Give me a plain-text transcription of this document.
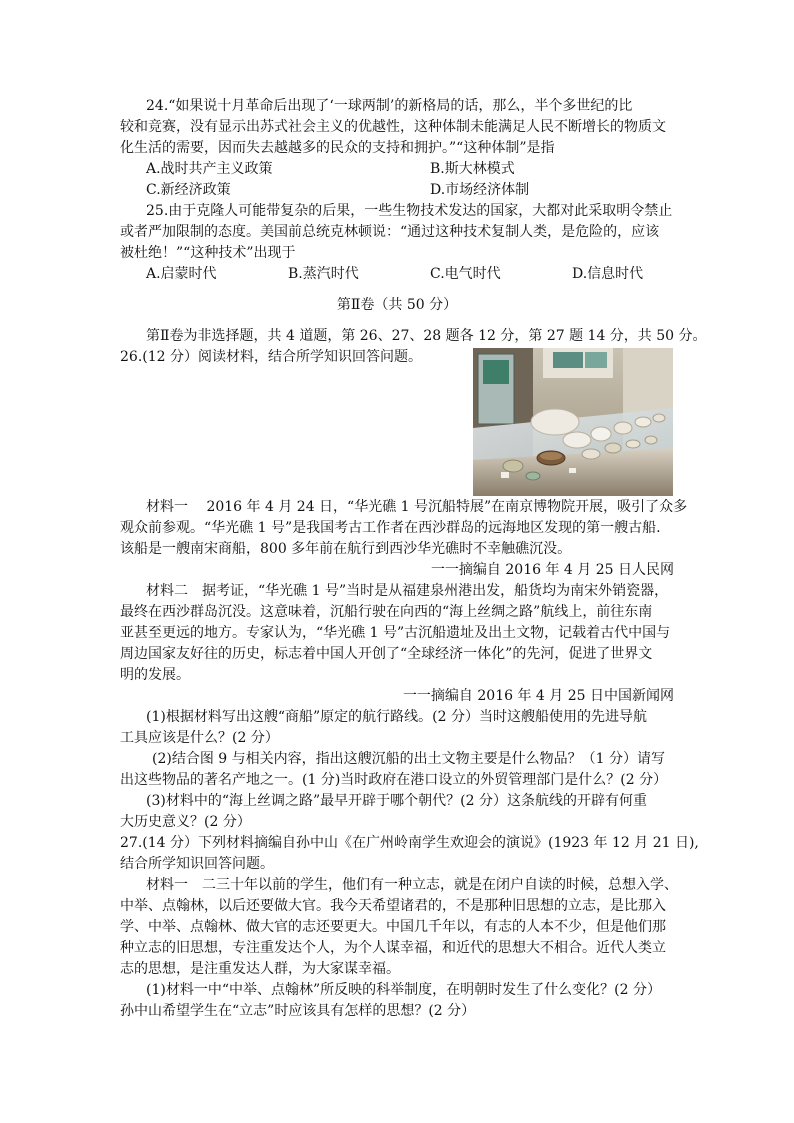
24.“如果说十月革命后出现了‘一球两制’的新格局的话，那么，半个多世纪的比
较和竞赛，没有显示出苏式社会主义的优越性，这种体制未能满足人民不断增长的物质文
化生活的需要，因而失去越越多的民众的支持和拥护。”“这种体制”是指
A.战时共产主义政策	B.斯大林模式
C.新经济政策	D.市场经济体制
25.由于克隆人可能带复杂的后果，一些生物技术发达的国家，大都对此采取明令禁止
或者严加限制的态度。美国前总统克林顿说：“通过这种技术复制人类，是危险的，应该
被杜绝！”“这种技术”出现于
A.启蒙时代	B.蒸汽时代	C.电气时代	D.信息时代
第Ⅱ卷（共 50 分）
第Ⅱ卷为非选择题，共 4 道题，第 26、27、28 题各 12 分，第 27 题 14 分，共 50 分。
26.(12 分）阅读材料，结合所学知识回答问题。
材料一　 2016 年 4 月 24 日，“华光礁 1 号沉船特展”在南京博物院开展，吸引了众多
观众前参观。“华光礁 1 号”是我国考古工作者在西沙群岛的远海地区发现的第一艘古船.
该船是一艘南宋商船，800 多年前在航行到西沙华光礁时不幸触礁沉没。
一一摘编自 2016 年 4 月 25 日人民网
材料二　据考证，“华光礁 1 号”当时是从福建泉州港出发，船货均为南宋外销瓷器，
最终在西沙群岛沉没。这意味着，沉船行驶在向西的“海上丝绸之路”航线上，前往东南
亚甚至更远的地方。专家认为，“华光礁 1 号”古沉船遗址及出土文物，记载着古代中国与
周边国家友好往的历史，标志着中国人开创了“全球经济一体化”的先河，促进了世界文
明的发展。
一一摘编自 2016 年 4 月 25 日中国新闻网
(1)根据材料写出这艘“商船”原定的航行路线。(2 分）当时这艘船使用的先进导航
工具应该是什么？(2 分）
(2)结合图 9 与相关内容，指出这艘沉船的出土文物主要是什么物品？（1 分）请写
出这些物品的著名产地之一。(1 分)当时政府在港口设立的外贸管理部门是什么？(2 分）
(3)材料中的“海上丝调之路”最早开辟于哪个朝代？(2 分）这条航线的开辟有何重
大历史意义？(2 分）
27.(14 分）下列材料摘编自孙中山《在广州岭南学生欢迎会的演说》(1923 年 12 月 21 日),
结合所学知识回答问题。
材料一　二三十年以前的学生，他们有一种立志，就是在闭户自读的时候，总想入学、
中举、点翰林，以后还要做大官。我今天希望诸君的，不是那种旧思想的立志，是比那入
学、中举、点翰林、做大官的志还要更大。中国几千年以，有志的人本不少，但是他们那
种立志的旧思想，专注重发达个人，为个人谋幸福，和近代的思想大不相合。近代人类立
志的思想，是注重发达人群，为大家谋幸福。
(1)材料一中“中举、点翰林”所反映的科举制度，在明朝时发生了什么变化？(2 分）
孙中山希望学生在“立志”时应该具有怎样的思想？(2 分）
